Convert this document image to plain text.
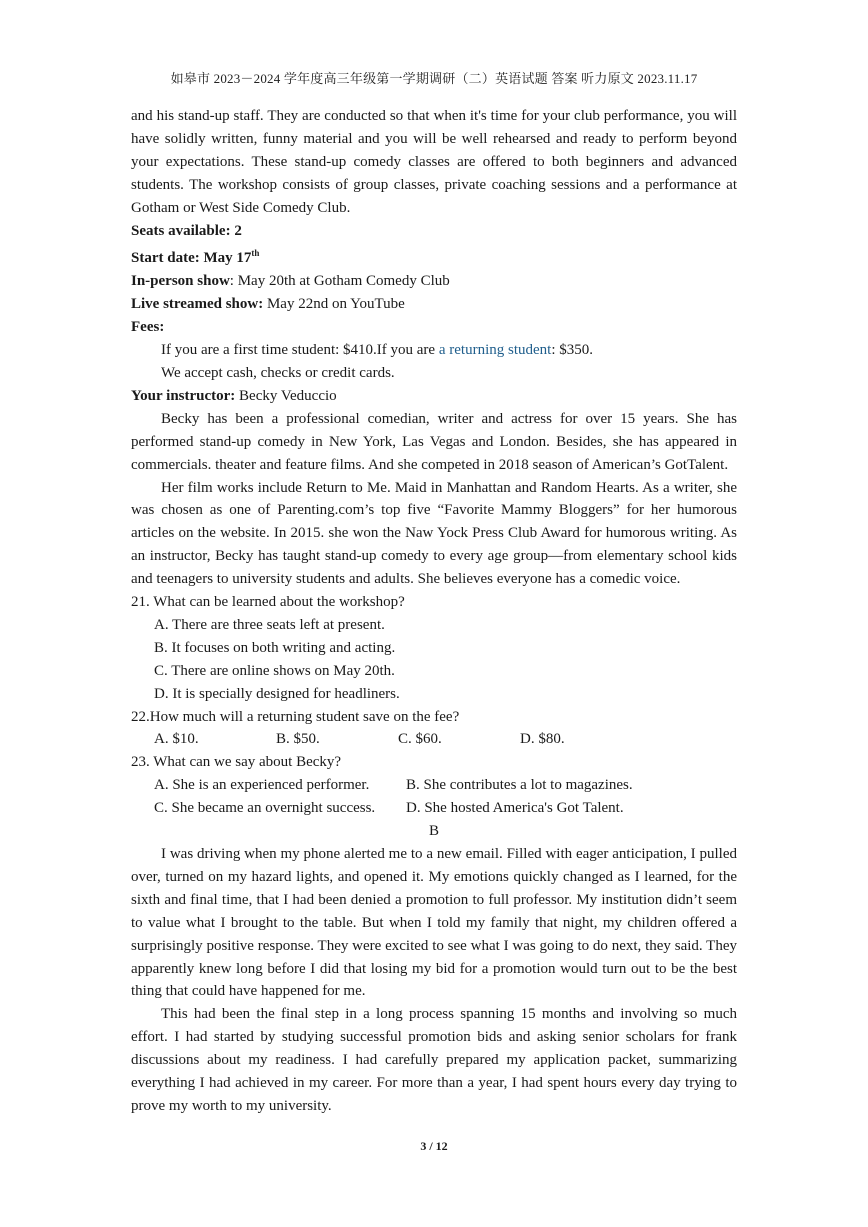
如皋市 2023－2024 学年度高三年级第一学期调研（二）英语试题 答案 听力原文 2023.11.17

and his stand-up staff. They are conducted so that when it's time for your club performance, you will have solidly written, funny material and you will be well rehearsed and ready to perform beyond your expectations. These stand-up comedy classes are offered to both beginners and advanced students. The workshop consists of group classes, private coaching sessions and a performance at Gotham or West Side Comedy Club.

Seats available: 2

Start date: May 17th

In-person show: May 20th at Gotham Comedy Club

Live streamed show: May 22nd on YouTube

Fees:

If you are a first time student: $410.If you are a returning student: $350.

We accept cash, checks or credit cards.

Your instructor: Becky Veduccio

Becky has been a professional comedian, writer and actress for over 15 years. She has performed stand-up comedy in New York, Las Vegas and London. Besides, she has appeared in commercials. theater and feature films. And she competed in 2018 season of American’s GotTalent.

Her film works include Return to Me. Maid in Manhattan and Random Hearts. As a writer, she was chosen as one of Parenting.com’s top five “Favorite Mammy Bloggers” for her humorous articles on the website. In 2015. she won the Naw Yock Press Club Award for humorous writing. As an instructor, Becky has taught stand-up comedy to every age group—from elementary school kids and teenagers to university students and adults. She believes everyone has a comedic voice.

21. What can be learned about the workshop?

A. There are three seats left at present.

B. It focuses on both writing and acting.

C. There are online shows on May 20th.

D. It is specially designed for headliners.

22.How much will a returning student save on the fee?

A. $10.	B. $50.	C. $60.	D. $80.

23. What can we say about Becky?

A. She is an experienced performer.	B. She contributes a lot to magazines.
C. She became an overnight success.	D. She hosted America's Got Talent.

B

I was driving when my phone alerted me to a new email. Filled with eager anticipation, I pulled over, turned on my hazard lights, and opened it. My emotions quickly changed as I learned, for the sixth and final time, that I had been denied a promotion to full professor. My institution didn’t seem to value what I brought to the table. But when I told my family that night, my children offered a surprisingly positive response. They were excited to see what I was going to do next, they said. They apparently knew long before I did that losing my bid for a promotion would turn out to be the best thing that could have happened for me.

This had been the final step in a long process spanning 15 months and involving so much effort. I had started by studying successful promotion bids and asking senior scholars for frank discussions about my readiness. I had carefully prepared my application packet, summarizing everything I had achieved in my career. For more than a year, I had spent hours every day trying to prove my worth to my university.

3 / 12
